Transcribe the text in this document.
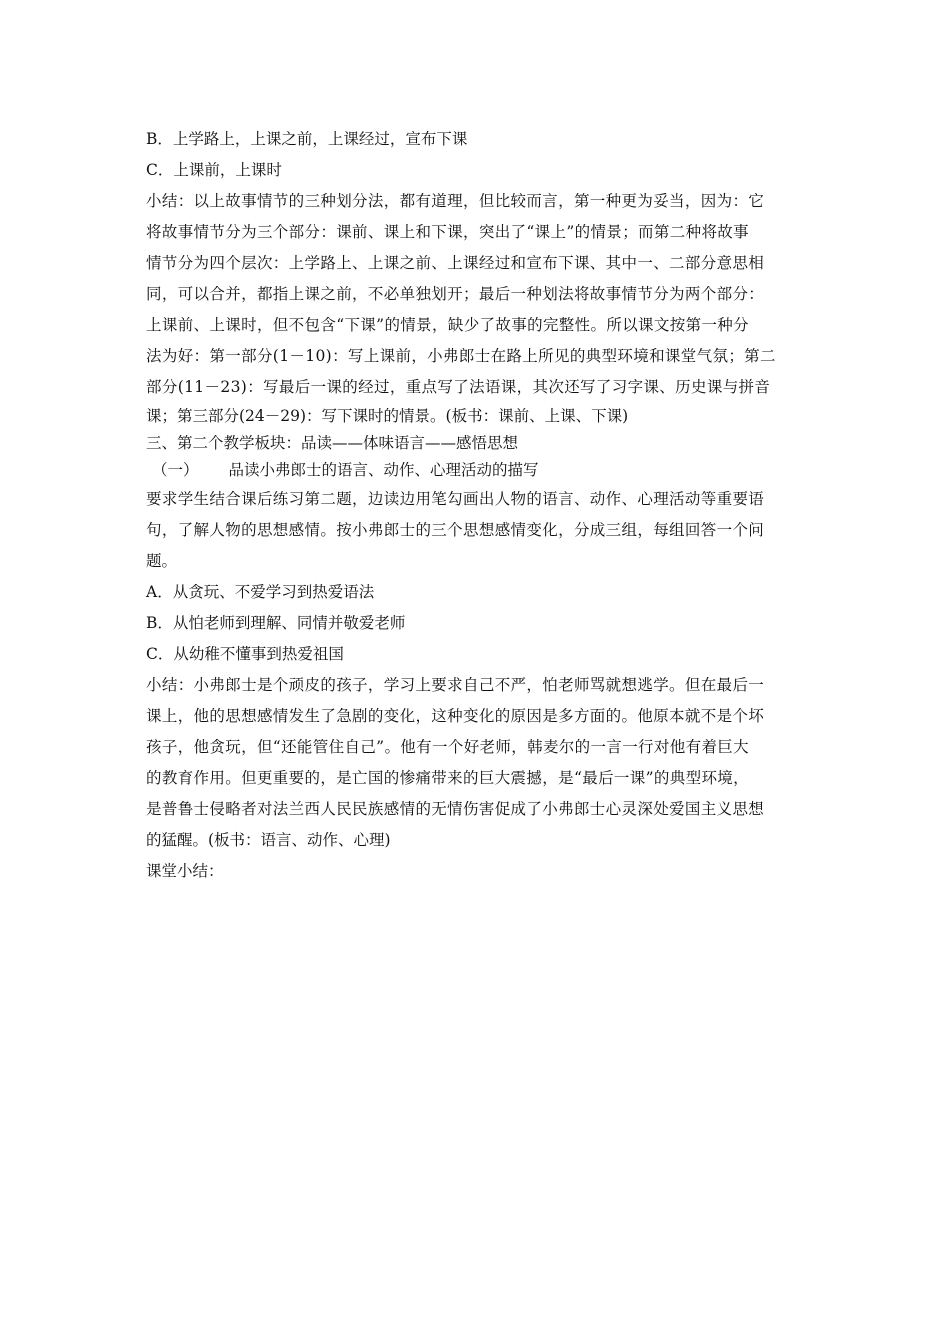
B．上学路上，上课之前，上课经过，宣布下课
C．上课前，上课时
小结：以上故事情节的三种划分法，都有道理，但比较而言，第一种更为妥当，因为：它
将故事情节分为三个部分：课前、课上和下课，突出了“课上”的情景；而第二种将故事
情节分为四个层次：上学路上、上课之前、上课经过和宣布下课、其中一、二部分意思相
同，可以合并，都指上课之前，不必单独划开；最后一种划法将故事情节分为两个部分：
上课前、上课时，但不包含“下课”的情景，缺少了故事的完整性。所以课文按第一种分
法为好：第一部分(1－10)：写上课前，小弗郎士在路上所见的典型环境和课堂气氛；第二
部分(11－23)：写最后一课的经过，重点写了法语课，其次还写了习字课、历史课与拼音
课；第三部分(24－29)：写下课时的情景。(板书：课前、上课、下课)
三、第二个教学板块：品读——体味语言——感悟思想
（一） 品读小弗郎士的语言、动作、心理活动的描写
要求学生结合课后练习第二题，边读边用笔勾画出人物的语言、动作、心理活动等重要语
句，了解人物的思想感情。按小弗郎士的三个思想感情变化，分成三组，每组回答一个问
题。
A．从贪玩、不爱学习到热爱语法
B．从怕老师到理解、同情并敬爱老师
C．从幼稚不懂事到热爱祖国
小结：小弗郎士是个顽皮的孩子，学习上要求自己不严，怕老师骂就想逃学。但在最后一
课上，他的思想感情发生了急剧的变化，这种变化的原因是多方面的。他原本就不是个坏
孩子，他贪玩，但“还能管住自己”。他有一个好老师，韩麦尔的一言一行对他有着巨大
的教育作用。但更重要的，是亡国的惨痛带来的巨大震撼，是“最后一课”的典型环境，
是普鲁士侵略者对法兰西人民民族感情的无情伤害促成了小弗郎士心灵深处爱国主义思想
的猛醒。(板书：语言、动作、心理)
课堂小结：
